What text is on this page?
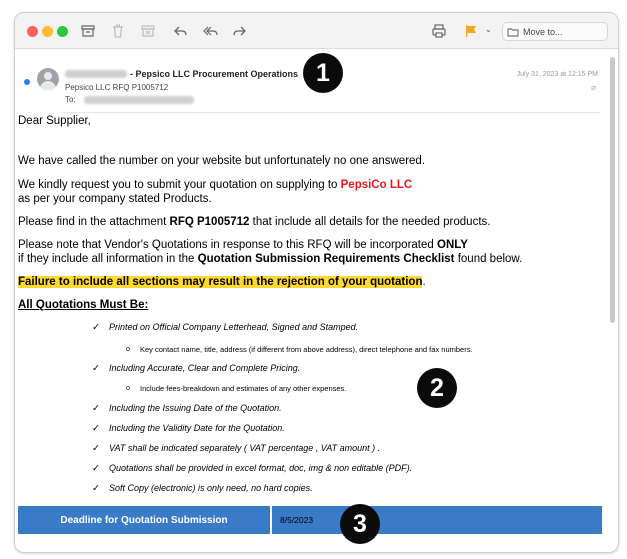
⌄	Move to...
- Pepsico LLC Procurement Operations
Pepsico LLC RFQ P1005712
To:
July 31, 2023 at 12:15 PM
⌀
Dear Supplier,
We have called the number on your website but unfortunately no one answered.
We kindly request you to submit your quotation on supplying to PepsiCo LLC
as per your company stated Products.
Please find in the attachment RFQ P1005712 that include all details for the needed products.
Please note that Vendor's Quotations in response to this RFQ will be incorporated ONLY
if they include all information in the Quotation Submission Requirements Checklist found below.
Failure to include all sections may result in the rejection of your quotation.
All Quotations Must Be:
✓	Printed on Official Company Letterhead, Signed and Stamped.
o	Key contact name, title, address (if different from above address), direct telephone and fax numbers.
✓	Including Accurate, Clear and Complete Pricing.
o	Include fees-breakdown and estimates of any other expenses.
✓	Including the Issuing Date of the Quotation.
✓	Including the Validity Date for the Quotation.
✓	VAT shall be indicated separately ( VAT percentage , VAT amount ) .
✓	Quotations shall be provided in excel format, doc, img & non editable (PDF).
✓	Soft Copy (electronic) is only need, no hard copies.
Deadline for Quotation Submission	8/5/2023
1
2
3
